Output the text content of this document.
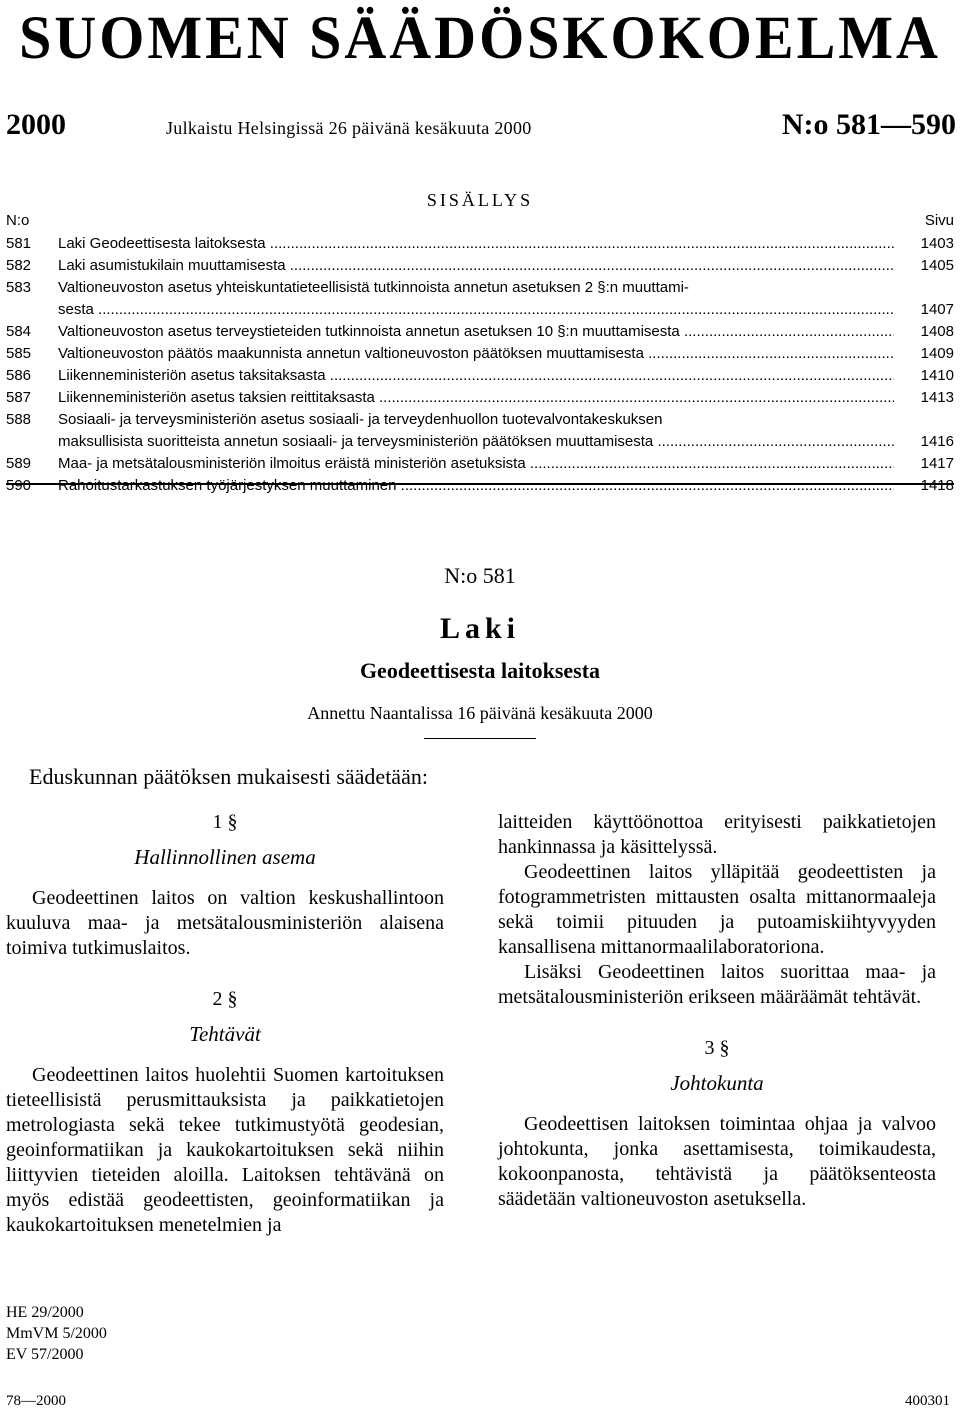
SUOMEN SÄÄDÖSKOKOELMA
2000	Julkaistu Helsingissä 26 päivänä kesäkuuta 2000	N:o 581—590
SISÄLLYS
N:o	Sivu
581	Laki Geodeettisesta laitoksesta .....	1403
582	Laki asumistukilain muuttamisesta .....	1405
583	Valtioneuvoston asetus yhteiskuntatieteellisistä tutkinnoista annetun asetuksen 2 §:n muuttami-
sesta .....	1407
584	Valtioneuvoston asetus terveystieteiden tutkinnoista annetun asetuksen 10 §:n muuttamisesta .....	1408
585	Valtioneuvoston päätös maakunnista annetun valtioneuvoston päätöksen muuttamisesta .....	1409
586	Liikenneministeriön asetus taksitaksasta .....	1410
587	Liikenneministeriön asetus taksien reittitaksasta .....	1413
588	Sosiaali- ja terveysministeriön asetus sosiaali- ja terveydenhuollon tuotevalvontakeskuksen
maksullisista suoritteista annetun sosiaali- ja terveysministeriön päätöksen muuttamisesta .....	1416
589	Maa- ja metsätalousministeriön ilmoitus eräistä ministeriön asetuksista .....	1417
590	Rahoitustarkastuksen työjärjestyksen muuttaminen .....	1418
N:o 581
Laki
Geodeettisesta laitoksesta
Annettu Naantalissa 16 päivänä kesäkuuta 2000
Eduskunnan päätöksen mukaisesti säädetään:
1 §
Hallinnollinen asema

Geodeettinen laitos on valtion keskushallintoon kuuluva maa- ja metsätalousministeriön alaisena toimiva tutkimuslaitos.

2 §
Tehtävät

Geodeettinen laitos huolehtii Suomen kartoituksen tieteellisistä perusmittauksista ja paikkatietojen metrologiasta sekä tekee tutkimustyötä geodesian, geoinformatiikan ja kaukokartoituksen sekä niihin liittyvien tieteiden aloilla. Laitoksen tehtävänä on myös edistää geodeettisten, geoinformatiikan ja kaukokartoituksen menetelmien ja

laitteiden käyttöönottoa erityisesti paikkatietojen hankinnassa ja käsittelyssä.

Geodeettinen laitos ylläpitää geodeettisten ja fotogrammetristen mittausten osalta mittanormaaleja sekä toimii pituuden ja putoamiskiihtyvyyden kansallisena mittanormaalilaboratoriona.

Lisäksi Geodeettinen laitos suorittaa maa- ja metsätalousministeriön erikseen määräämät tehtävät.

3 §
Johtokunta

Geodeettisen laitoksen toimintaa ohjaa ja valvoo johtokunta, jonka asettamisesta, toimikaudesta, kokoonpanosta, tehtävistä ja päätöksenteosta säädetään valtioneuvoston asetuksella.

HE 29/2000
MmVM 5/2000
EV 57/2000
78—2000	400301
